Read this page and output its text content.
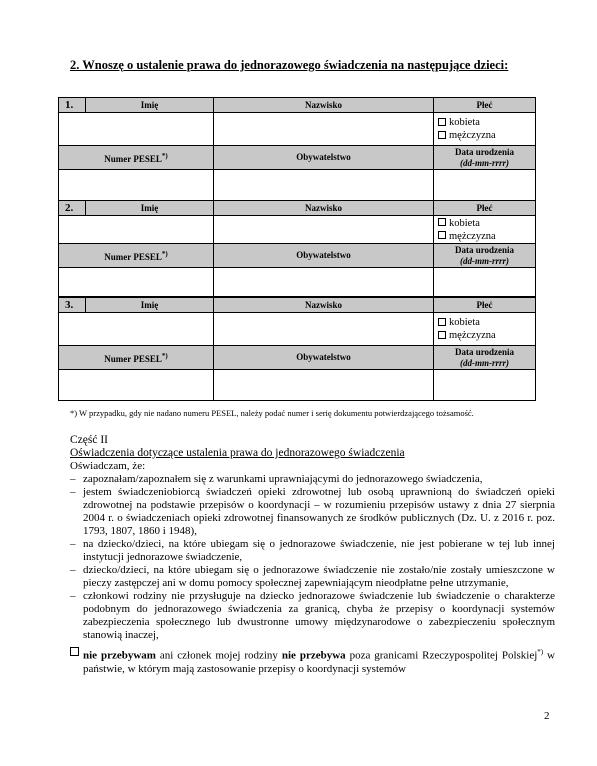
2. Wnoszę o ustalenie prawa do jednorazowego świadczenia na następujące dzieci:
1.	Imię	Nazwisko	Płeć

			kobieta
mężczyzna

Numer PESEL*)		Obywatelstwo	Data urodzenia
(dd-mm-rrrr)

2.	Imię	Nazwisko	Płeć

			kobieta
mężczyzna

Numer PESEL*)		Obywatelstwo	Data urodzenia
(dd-mm-rrrr)

3.	Imię	Nazwisko	Płeć

			kobieta
mężczyzna

Numer PESEL*)		Obywatelstwo	Data urodzenia
(dd-mm-rrrr)

*) W przypadku, gdy nie nadano numeru PESEL, należy podać numer i serię dokumentu potwierdzającego tożsamość.
Część II
Oświadczenia dotyczące ustalenia prawa do jednorazowego świadczenia
Oświadczam, że:
– zapoznałam/zapoznałem się z warunkami uprawniającymi do jednorazowego świadczenia,
– jestem świadczeniobiorcą świadczeń opieki zdrowotnej lub osobą uprawnioną do świadczeń opieki zdrowotnej na podstawie przepisów o koordynacji – w rozumieniu przepisów ustawy z dnia 27 sierpnia 2004 r. o świadczeniach opieki zdrowotnej finansowanych ze środków publicznych (Dz. U. z 2016 r. poz. 1793, 1807, 1860 i 1948),
– na dziecko/dzieci, na które ubiegam się o jednorazowe świadczenie, nie jest pobierane w tej lub innej instytucji jednorazowe świadczenie,
– dziecko/dzieci, na które ubiegam się o jednorazowe świadczenie nie zostało/nie zostały umieszczone w pieczy zastępczej ani w domu pomocy społecznej zapewniającym nieodpłatne pełne utrzymanie,
– członkowi rodziny nie przysługuje na dziecko jednorazowe świadczenie lub świadczenie o charakterze podobnym do jednorazowego świadczenia za granicą, chyba że przepisy o koordynacji systemów zabezpieczenia społecznego lub dwustronne umowy międzynarodowe o zabezpieczeniu społecznym stanowią inaczej,
nie przebywam ani członek mojej rodziny nie przebywa poza granicami Rzeczypospolitej Polskiej*) w państwie, w którym mają zastosowanie przepisy o koordynacji systemów
2
